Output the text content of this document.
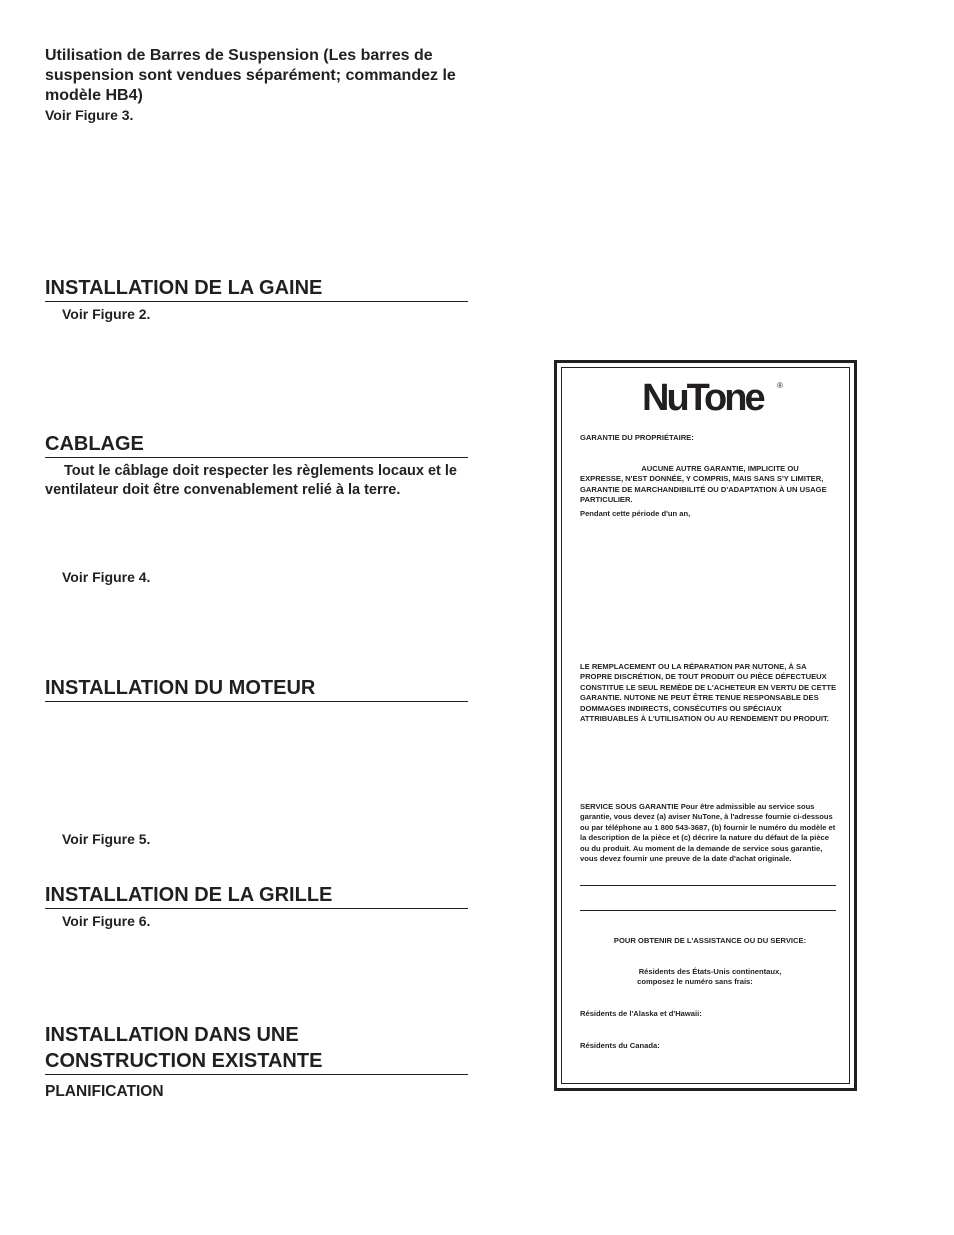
Utilisation de Barres de Suspension (Les barres de suspension sont vendues séparément; commandez le modèle HB4)
Voir Figure 3.
INSTALLATION DE LA GAINE
Voir Figure 2.
CABLAGE
Tout le câblage doit respecter les règlements locaux et le ventilateur doit être convenablement relié à la terre.
Voir Figure 4.
INSTALLATION DU MOTEUR
Voir Figure 5.
INSTALLATION DE LA GRILLE
Voir Figure 6.
INSTALLATION DANS UNE
CONSTRUCTION EXISTANTE
PLANIFICATION
NuTone ®
GARANTIE DU PROPRIÉTAIRE:
AUCUNE AUTRE GARANTIE, IMPLICITE OU
EXPRESSE, N'EST DONNÉE, Y COMPRIS, MAIS SANS S'Y LIMITER, GARANTIE DE MARCHANDIBILITÉ OU D'ADAPTATION À UN USAGE PARTICULIER.
Pendant cette période d'un an,
LE REMPLACEMENT OU LA RÉPARATION PAR NUTONE, À SA PROPRE DISCRÉTION, DE TOUT PRODUIT OU PIÈCE DÉFECTUEUX CONSTITUE LE SEUL REMÈDE DE L'ACHETEUR EN VERTU DE CETTE GARANTIE. NUTONE NE PEUT ÊTRE TENUE RESPONSABLE DES DOMMAGES INDIRECTS, CONSÉCUTIFS OU SPÉCIAUX ATTRIBUABLES À L'UTILISATION OU AU RENDEMENT DU PRODUIT.
SERVICE SOUS GARANTIE Pour être admissible au service sous garantie, vous devez (a) aviser NuTone, à l'adresse fournie ci-dessous ou par téléphone au 1 800 543-3687, (b) fournir le numéro du modèle et la description de la pièce et (c) décrire la nature du défaut de la pièce ou du produit. Au moment de la demande de service sous garantie, vous devez fournir une preuve de la date d'achat originale.
POUR OBTENIR DE L'ASSISTANCE OU DU SERVICE:
Résidents des États-Unis continentaux,
composez le numéro sans frais:
Résidents de l'Alaska et d'Hawaii:
Résidents du Canada:
